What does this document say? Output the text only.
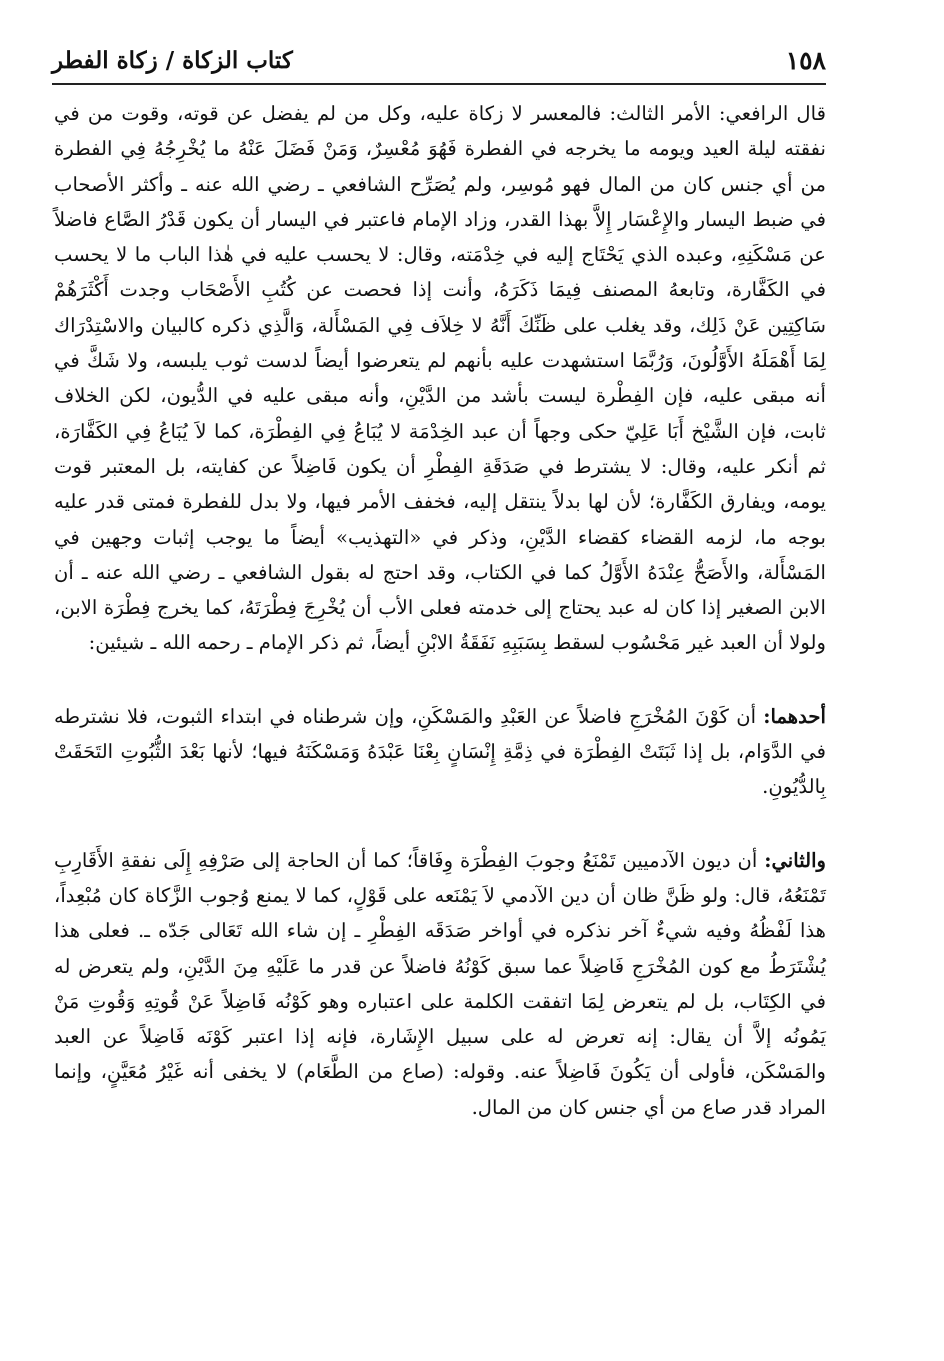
١٥٨
كتاب الزكاة / زكاة الفطر

قال الرافعي: الأمر الثالث: فالمعسر لا زكاة عليه، وكل من لم يفضل عن قوته، وقوت من في نفقته ليلة العيد ويومه ما يخرجه في الفطرة فَهُوَ مُعْسِرٌ، وَمَنْ فَضَلَ عَنْهُ ما يُخْرِجُهُ فِي الفطرة من أي جنس كان من المال فهو مُوسِر، ولم يُصَرِّح الشافعي ـ رضي الله عنه ـ وأكثر الأصحاب في ضبط اليسار والإِعْسَار إِلاَّ بهذا القدر، وزاد الإمام فاعتبر في اليسار أن يكون قَدْرُ الصَّاع فاضلاً عن مَسْكَنِهِ، وعبده الذي يَحْتَاج إليه في خِدْمَته، وقال: لا يحسب عليه في هٰذا الباب ما لا يحسب في الكَفَّارة، وتابعهُ المصنف فِيمَا ذَكَرَهُ، وأنت إذا فحصت عن كُتُبِ الأَصْحَاب وجدت أَكْثَرَهُمْ سَاكِتِين عَنْ ذَلِك، وقد يغلب على ظَنِّكَ أَنَّهُ لا خِلاَف فِي المَسْأَلة، وَالَّذِي ذكره كالبيان والاسْتِدْرَاك لِمَا أَهْمَلَهُ الأَوَّلُونَ، وَرُبَّمَا استشهدت عليه بأنهم لم يتعرضوا أيضاً لدست ثوب يلبسه، ولا شَكَّ في أنه مبقى عليه، فإن الفِطْرة ليست بأشد من الدَّيْنِ، وأنه مبقى عليه في الدُّيون، لكن الخلاف ثابت، فإن الشَّيْخ أَبَا عَلِيّ حكى وجهاً أن عبد الخِدْمَة لا يُبَاعُ فِي الفِطْرَة، كما لاَ يُبَاعُ فِي الكَفَّارَة، ثم أنكر عليه، وقال: لا يشترط في صَدَقَةِ الفِطْرِ أن يكون فَاضِلاً عن كفايته، بل المعتبر قوت يومه، ويفارق الكَفَّارة؛ لأن لها بدلاً ينتقل إليه، فخفف الأمر فيها، ولا بدل للفطرة فمتى قدر عليه بوجه ما، لزمه القضاء كقضاء الدَّيْنِ، وذكر في «التهذيب» أيضاً ما يوجب إثبات وجهين في المَسْأَلة، والأَصَحُّ عِنْدَهُ الأَوَّلُ كما في الكتاب، وقد احتج له بقول الشافعي ـ رضي الله عنه ـ أن الابن الصغير إذا كان له عبد يحتاج إلى خدمته فعلى الأب أن يُخْرِجَ فِطْرَتَهُ، كما يخرج فِطْرَة الابن، ولولا أن العبد غير مَحْسُوب لسقط بِسَبَبِهِ نَفَقَةُ الابْنِ أيضاً، ثم ذكر الإمام ـ رحمه الله ـ شيئين:

أحدهما: أن كَوْنَ المُخْرَجِ فاضلاً عن العَبْدِ والمَسْكَنِ، وإن شرطناه في ابتداء الثبوت، فلا نشترطه في الدَّوَام، بل إذا ثَبَتَتْ الفِطْرَة في ذِمَّةِ إِنْسَانٍ بِعْنَا عَبْدَهُ وَمَسْكَنَهُ فيها؛ لأنها بَعْدَ الثُّبُوتِ التَحَقَتْ بِالدُّيُونِ.

والثاني: أن ديون الآدميين تَمْنَعُ وجوبَ الفِطْرَة وِفَاقاً؛ كما أن الحاجة إلى صَرْفِهِ إِلَى نفقةِ الأَقَارِبِ تَمْنَعُهُ، قال: ولو ظَنَّ ظان أن دين الآدمي لاَ يَمْنَعه على قَوْلٍ، كما لا يمنع وُجوب الزَّكاة كان مُبْعِداً، هذا لَفْظُهُ وفيه شيءٌ آخر نذكره في أواخر صَدَقَه الفِطْرِ ـ إن شاء الله تَعَالى جَدّه ـ. فعلى هذا يُشْتَرَطُ مع كون المُخْرَجِ فَاضِلاً عما سبق كَوْنُهُ فاضلاً عن قدر ما عَلَيْهِ مِنَ الدَّيْنِ، ولم يتعرض له في الكِتَاب، بل لم يتعرض لِمَا اتفقت الكلمة على اعتباره وهو كَوْنُه فَاضِلاً عَنْ قُوتِهِ وَقُوتِ مَنْ يَمُونُه إلاَّ أن يقال: إنه تعرض له على سبيل الإِشَارة، فإنه إذا اعتبر كَوْنَه فَاضِلاً عن العبد والمَسْكَن، فأولى أن يَكُونَ فَاضِلاً عنه. وقوله: (صاع من الطَّعَام) لا يخفى أنه غَيْرُ مُعَيَّنٍ، وإنما المراد قدر صاع من أي جنس كان من المال.
